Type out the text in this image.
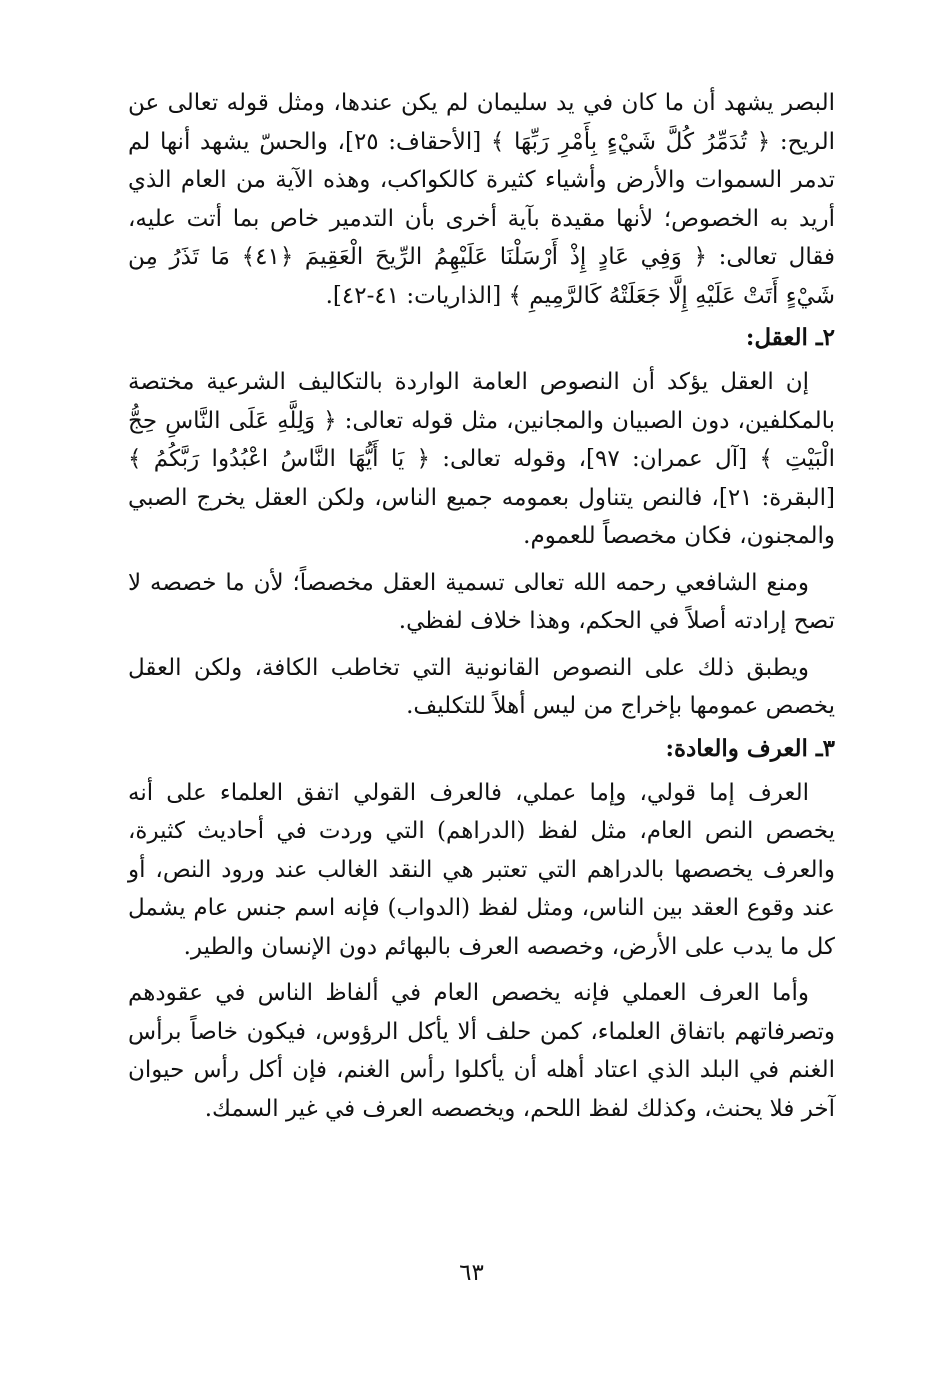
البصر يشهد أن ما كان في يد سليمان لم يكن عندها، ومثل قوله تعالى عن الريح: ﴿ تُدَمِّرُ كُلَّ شَيْءٍ بِأَمْرِ رَبِّهَا ﴾ [الأحقاف: ٢٥]، والحسّ يشهد أنها لم تدمر السموات والأرض وأشياء كثيرة كالكواكب، وهذه الآية من العام الذي أريد به الخصوص؛ لأنها مقيدة بآية أخرى بأن التدمير خاص بما أتت عليه، فقال تعالى: ﴿ وَفِي عَادٍ إِذْ أَرْسَلْنَا عَلَيْهِمُ الرِّيحَ الْعَقِيمَ ﴿٤١﴾ مَا تَذَرُ مِن شَيْءٍ أَتَتْ عَلَيْهِ إِلَّا جَعَلَتْهُ كَالرَّمِيمِ ﴾ [الذاريات: ٤١-٤٢].

٢ـ العقل:

إن العقل يؤكد أن النصوص العامة الواردة بالتكاليف الشرعية مختصة بالمكلفين، دون الصبيان والمجانين، مثل قوله تعالى: ﴿ وَلِلَّهِ عَلَى النَّاسِ حِجُّ الْبَيْتِ ﴾ [آل عمران: ٩٧]، وقوله تعالى: ﴿ يَا أَيُّهَا النَّاسُ اعْبُدُوا رَبَّكُمُ ﴾ [البقرة: ٢١]، فالنص يتناول بعمومه جميع الناس، ولكن العقل يخرج الصبي والمجنون، فكان مخصصاً للعموم.

ومنع الشافعي رحمه الله تعالى تسمية العقل مخصصاً؛ لأن ما خصصه لا تصح إرادته أصلاً في الحكم، وهذا خلاف لفظي.

ويطبق ذلك على النصوص القانونية التي تخاطب الكافة، ولكن العقل يخصص عمومها بإخراج من ليس أهلاً للتكليف.

٣ـ العرف والعادة:

العرف إما قولي، وإما عملي، فالعرف القولي اتفق العلماء على أنه يخصص النص العام، مثل لفظ (الدراهم) التي وردت في أحاديث كثيرة، والعرف يخصصها بالدراهم التي تعتبر هي النقد الغالب عند ورود النص، أو عند وقوع العقد بين الناس، ومثل لفظ (الدواب) فإنه اسم جنس عام يشمل كل ما يدب على الأرض، وخصصه العرف بالبهائم دون الإنسان والطير.

وأما العرف العملي فإنه يخصص العام في ألفاظ الناس في عقودهم وتصرفاتهم باتفاق العلماء، كمن حلف ألا يأكل الرؤوس، فيكون خاصاً برأس الغنم في البلد الذي اعتاد أهله أن يأكلوا رأس الغنم، فإن أكل رأس حيوان آخر فلا يحنث، وكذلك لفظ اللحم، ويخصصه العرف في غير السمك.

٦٣
